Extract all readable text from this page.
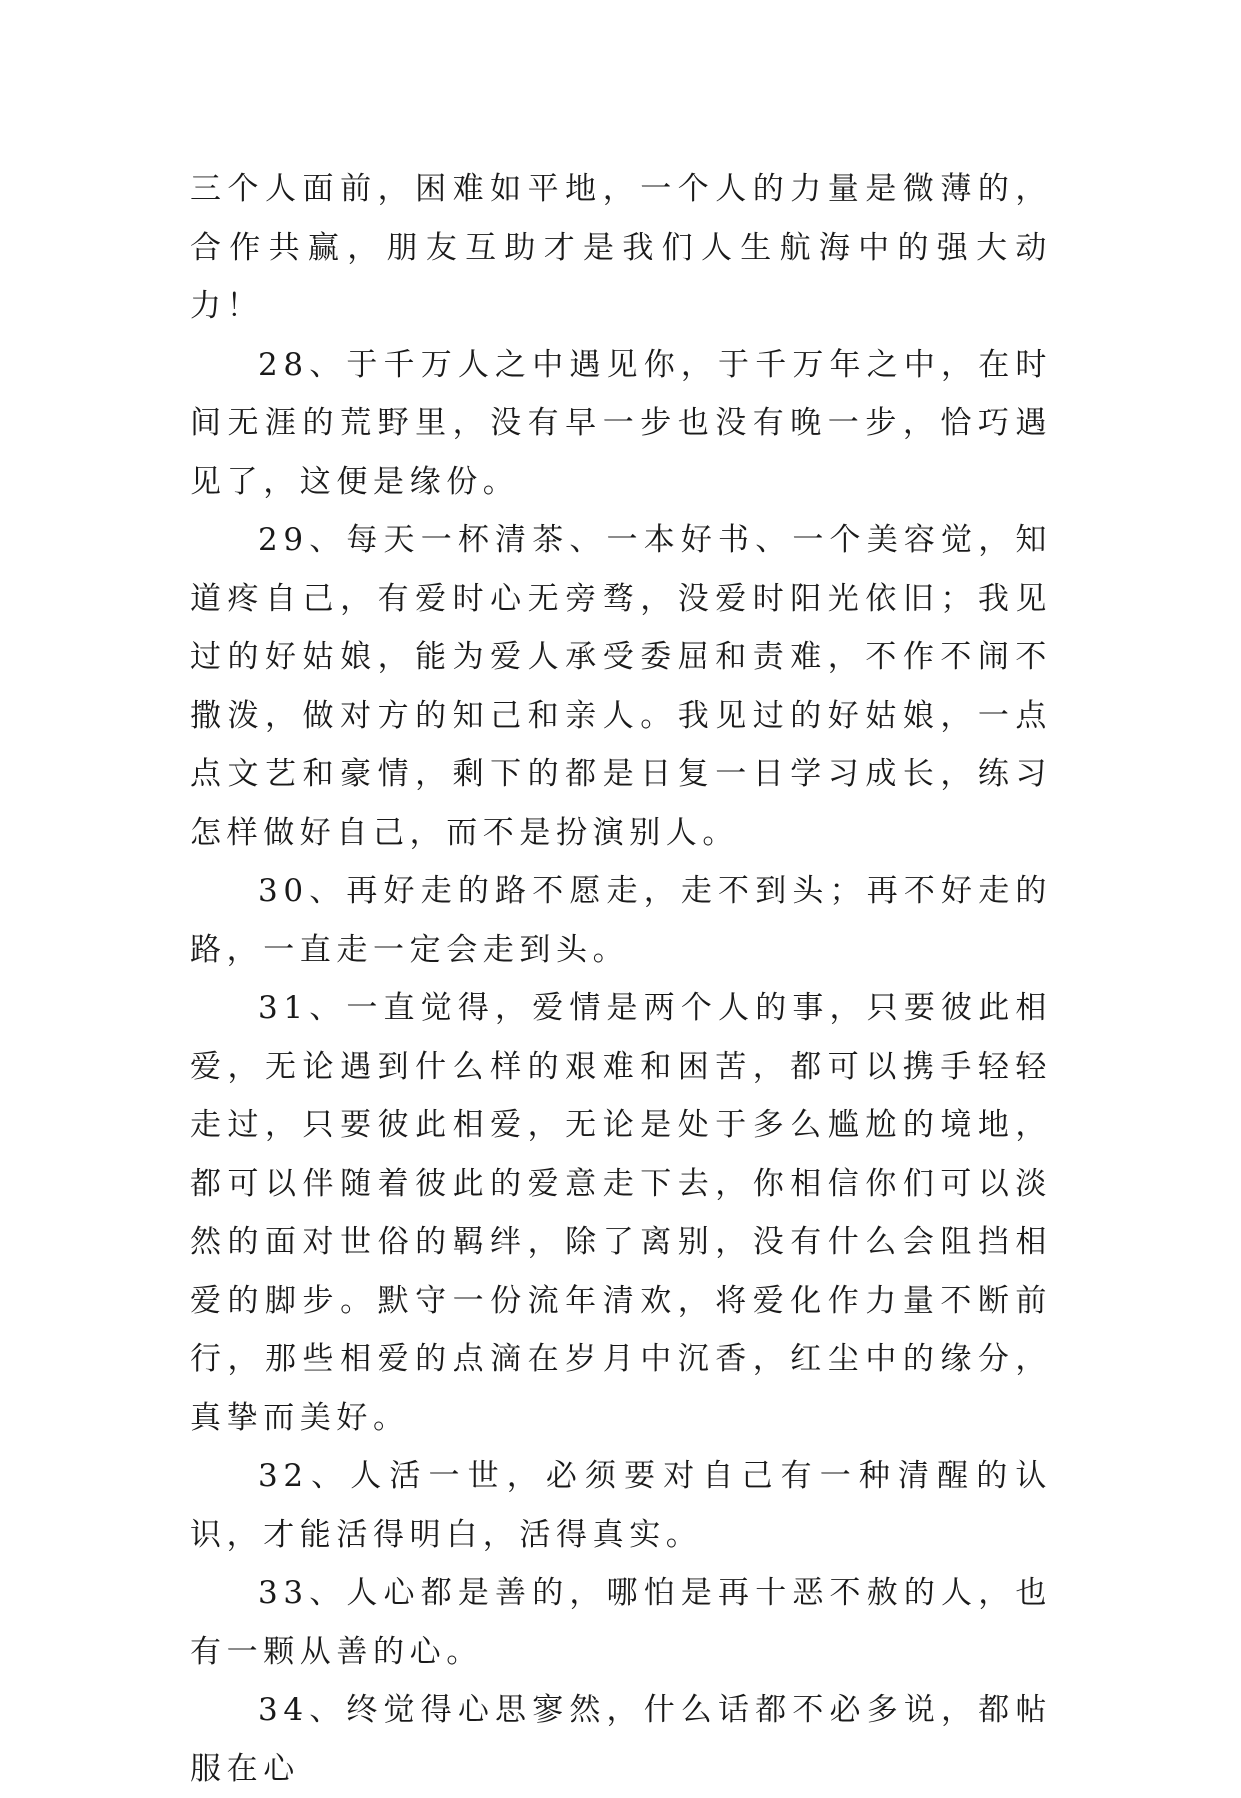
三个人面前，困难如平地，一个人的力量是微薄的，合作共赢，朋友互助才是我们人生航海中的强大动力！

28、于千万人之中遇见你，于千万年之中，在时间无涯的荒野里，没有早一步也没有晚一步，恰巧遇见了，这便是缘份。

29、每天一杯清茶、一本好书、一个美容觉，知道疼自己，有爱时心无旁骛，没爱时阳光依旧；我见过的好姑娘，能为爱人承受委屈和责难，不作不闹不撒泼，做对方的知己和亲人。我见过的好姑娘，一点点文艺和豪情，剩下的都是日复一日学习成长，练习怎样做好自己，而不是扮演别人。

30、再好走的路不愿走，走不到头；再不好走的路，一直走一定会走到头。

31、一直觉得，爱情是两个人的事，只要彼此相爱，无论遇到什么样的艰难和困苦，都可以携手轻轻走过，只要彼此相爱，无论是处于多么尴尬的境地，都可以伴随着彼此的爱意走下去，你相信你们可以淡然的面对世俗的羁绊，除了离别，没有什么会阻挡相爱的脚步。默守一份流年清欢，将爱化作力量不断前行，那些相爱的点滴在岁月中沉香，红尘中的缘分，真挚而美好。

32、人活一世，必须要对自己有一种清醒的认识，才能活得明白，活得真实。

33、人心都是善的，哪怕是再十恶不赦的人，也有一颗从善的心。

34、终觉得心思寥然，什么话都不必多说，都帖服在心
